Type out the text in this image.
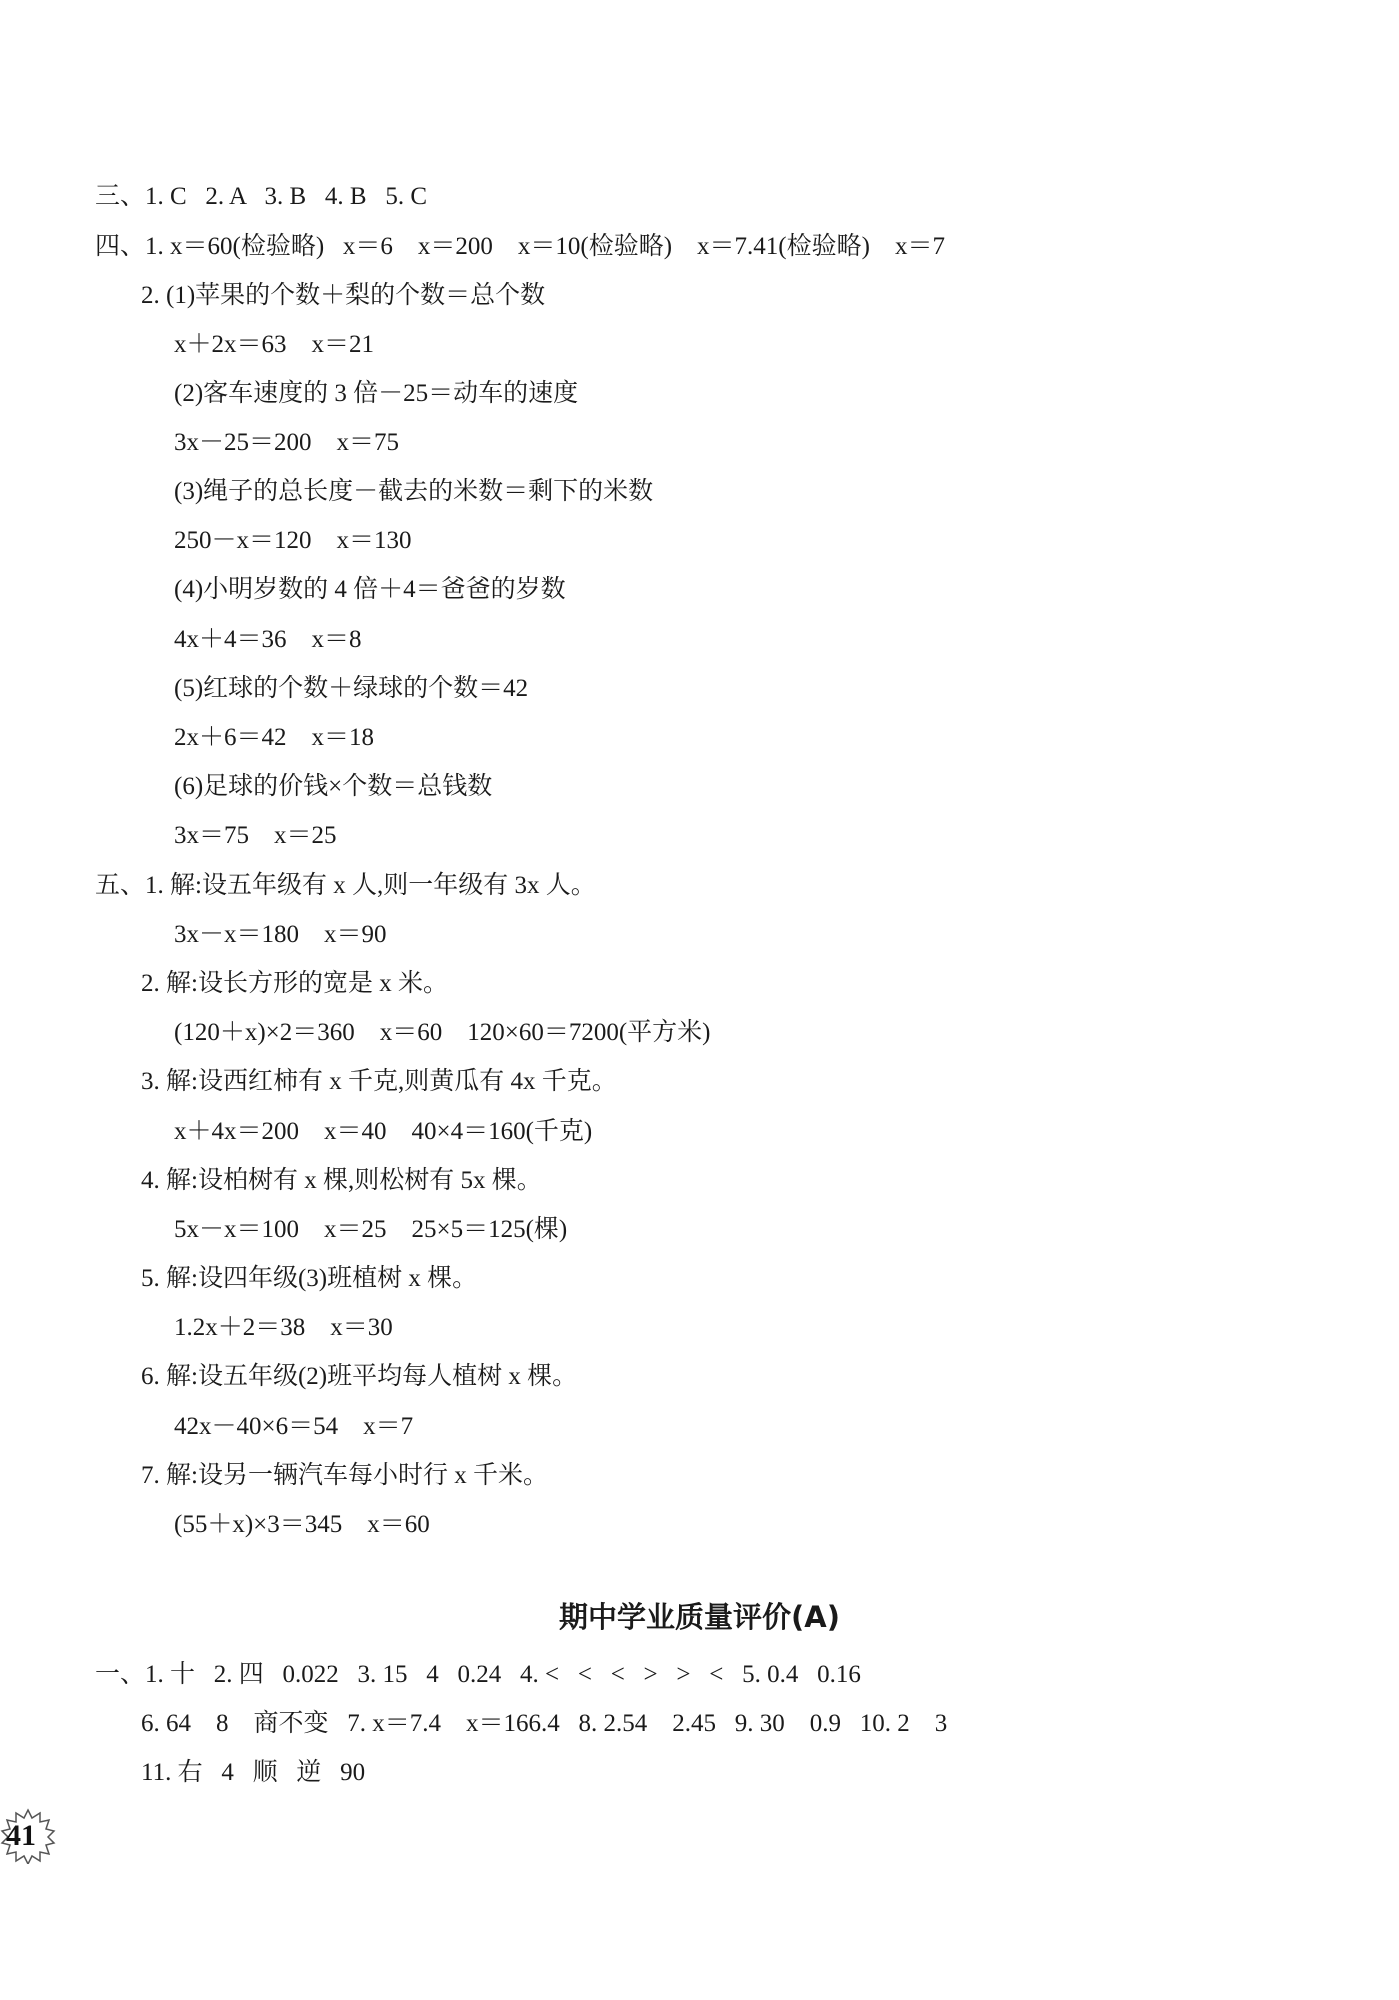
三、1. C   2. A   3. B   4. B   5. C
四、1. x＝60(检验略)   x＝6    x＝200    x＝10(检验略)    x＝7.41(检验略)    x＝7
2. (1)苹果的个数＋梨的个数＝总个数
x＋2x＝63    x＝21
(2)客车速度的 3 倍－25＝动车的速度
3x－25＝200    x＝75
(3)绳子的总长度－截去的米数＝剩下的米数
250－x＝120    x＝130
(4)小明岁数的 4 倍＋4＝爸爸的岁数
4x＋4＝36    x＝8
(5)红球的个数＋绿球的个数＝42
2x＋6＝42    x＝18
(6)足球的价钱×个数＝总钱数
3x＝75    x＝25
五、1. 解:设五年级有 x 人,则一年级有 3x 人。
3x－x＝180    x＝90
2. 解:设长方形的宽是 x 米。
(120＋x)×2＝360    x＝60    120×60＝7200(平方米)
3. 解:设西红柿有 x 千克,则黄瓜有 4x 千克。
x＋4x＝200    x＝40    40×4＝160(千克)
4. 解:设柏树有 x 棵,则松树有 5x 棵。
5x－x＝100    x＝25    25×5＝125(棵)
5. 解:设四年级(3)班植树 x 棵。
1.2x＋2＝38    x＝30
6. 解:设五年级(2)班平均每人植树 x 棵。
42x－40×6＝54    x＝7
7. 解:设另一辆汽车每小时行 x 千米。
(55＋x)×3＝345    x＝60
期中学业质量评价(A)
一、1. 十   2. 四   0.022   3. 15   4   0.24   4. <   <   <   >   >   <   5. 0.4   0.16
6. 64    8    商不变   7. x＝7.4    x＝166.4   8. 2.54    2.45   9. 30    0.9   10. 2    3
11. 右   4   顺   逆   90
41
